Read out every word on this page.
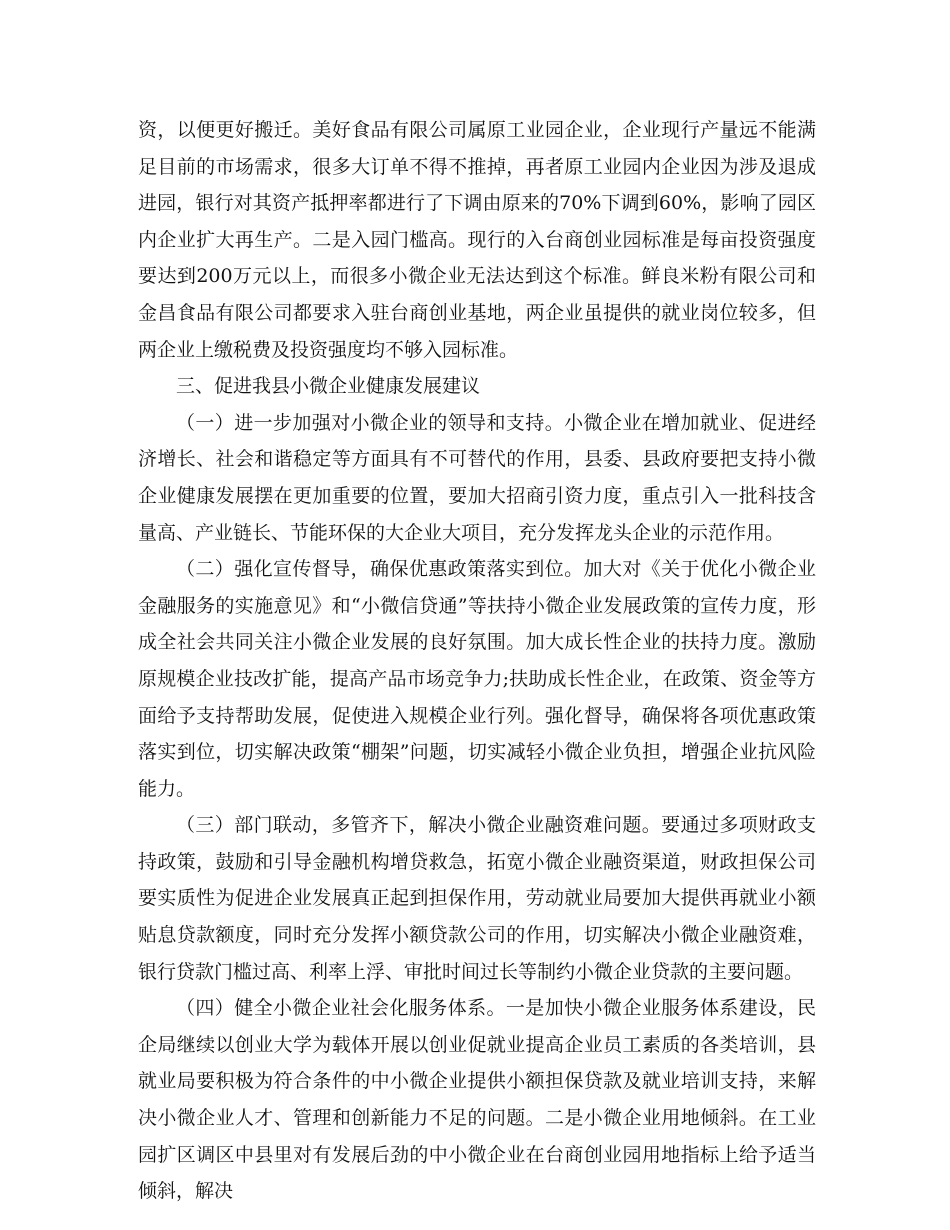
资，以便更好搬迁。美好食品有限公司属原工业园企业，企业现行产量远不能满足目前的市场需求，很多大订单不得不推掉，再者原工业园内企业因为涉及退成进园，银行对其资产抵押率都进行了下调由原来的70%下调到60%，影响了园区内企业扩大再生产。二是入园门槛高。现行的入台商创业园标准是每亩投资强度要达到200万元以上，而很多小微企业无法达到这个标准。鲜良米粉有限公司和金昌食品有限公司都要求入驻台商创业基地，两企业虽提供的就业岗位较多，但两企业上缴税费及投资强度均不够入园标准。

三、促进我县小微企业健康发展建议

（一）进一步加强对小微企业的领导和支持。小微企业在增加就业、促进经济增长、社会和谐稳定等方面具有不可替代的作用，县委、县政府要把支持小微企业健康发展摆在更加重要的位置，要加大招商引资力度，重点引入一批科技含量高、产业链长、节能环保的大企业大项目，充分发挥龙头企业的示范作用。

（二）强化宣传督导，确保优惠政策落实到位。加大对《关于优化小微企业金融服务的实施意见》和“小微信贷通”等扶持小微企业发展政策的宣传力度，形成全社会共同关注小微企业发展的良好氛围。加大成长性企业的扶持力度。激励原规模企业技改扩能，提高产品市场竞争力;扶助成长性企业，在政策、资金等方面给予支持帮助发展，促使进入规模企业行列。强化督导，确保将各项优惠政策落实到位，切实解决政策“棚架”问题，切实减轻小微企业负担，增强企业抗风险能力。

（三）部门联动，多管齐下，解决小微企业融资难问题。要通过多项财政支持政策，鼓励和引导金融机构增贷救急，拓宽小微企业融资渠道，财政担保公司要实质性为促进企业发展真正起到担保作用，劳动就业局要加大提供再就业小额贴息贷款额度，同时充分发挥小额贷款公司的作用，切实解决小微企业融资难，银行贷款门槛过高、利率上浮、审批时间过长等制约小微企业贷款的主要问题。

（四）健全小微企业社会化服务体系。一是加快小微企业服务体系建设，民企局继续以创业大学为载体开展以创业促就业提高企业员工素质的各类培训，县就业局要积极为符合条件的中小微企业提供小额担保贷款及就业培训支持，来解决小微企业人才、管理和创新能力不足的问题。二是小微企业用地倾斜。在工业园扩区调区中县里对有发展后劲的中小微企业在台商创业园用地指标上给予适当倾斜，解决
